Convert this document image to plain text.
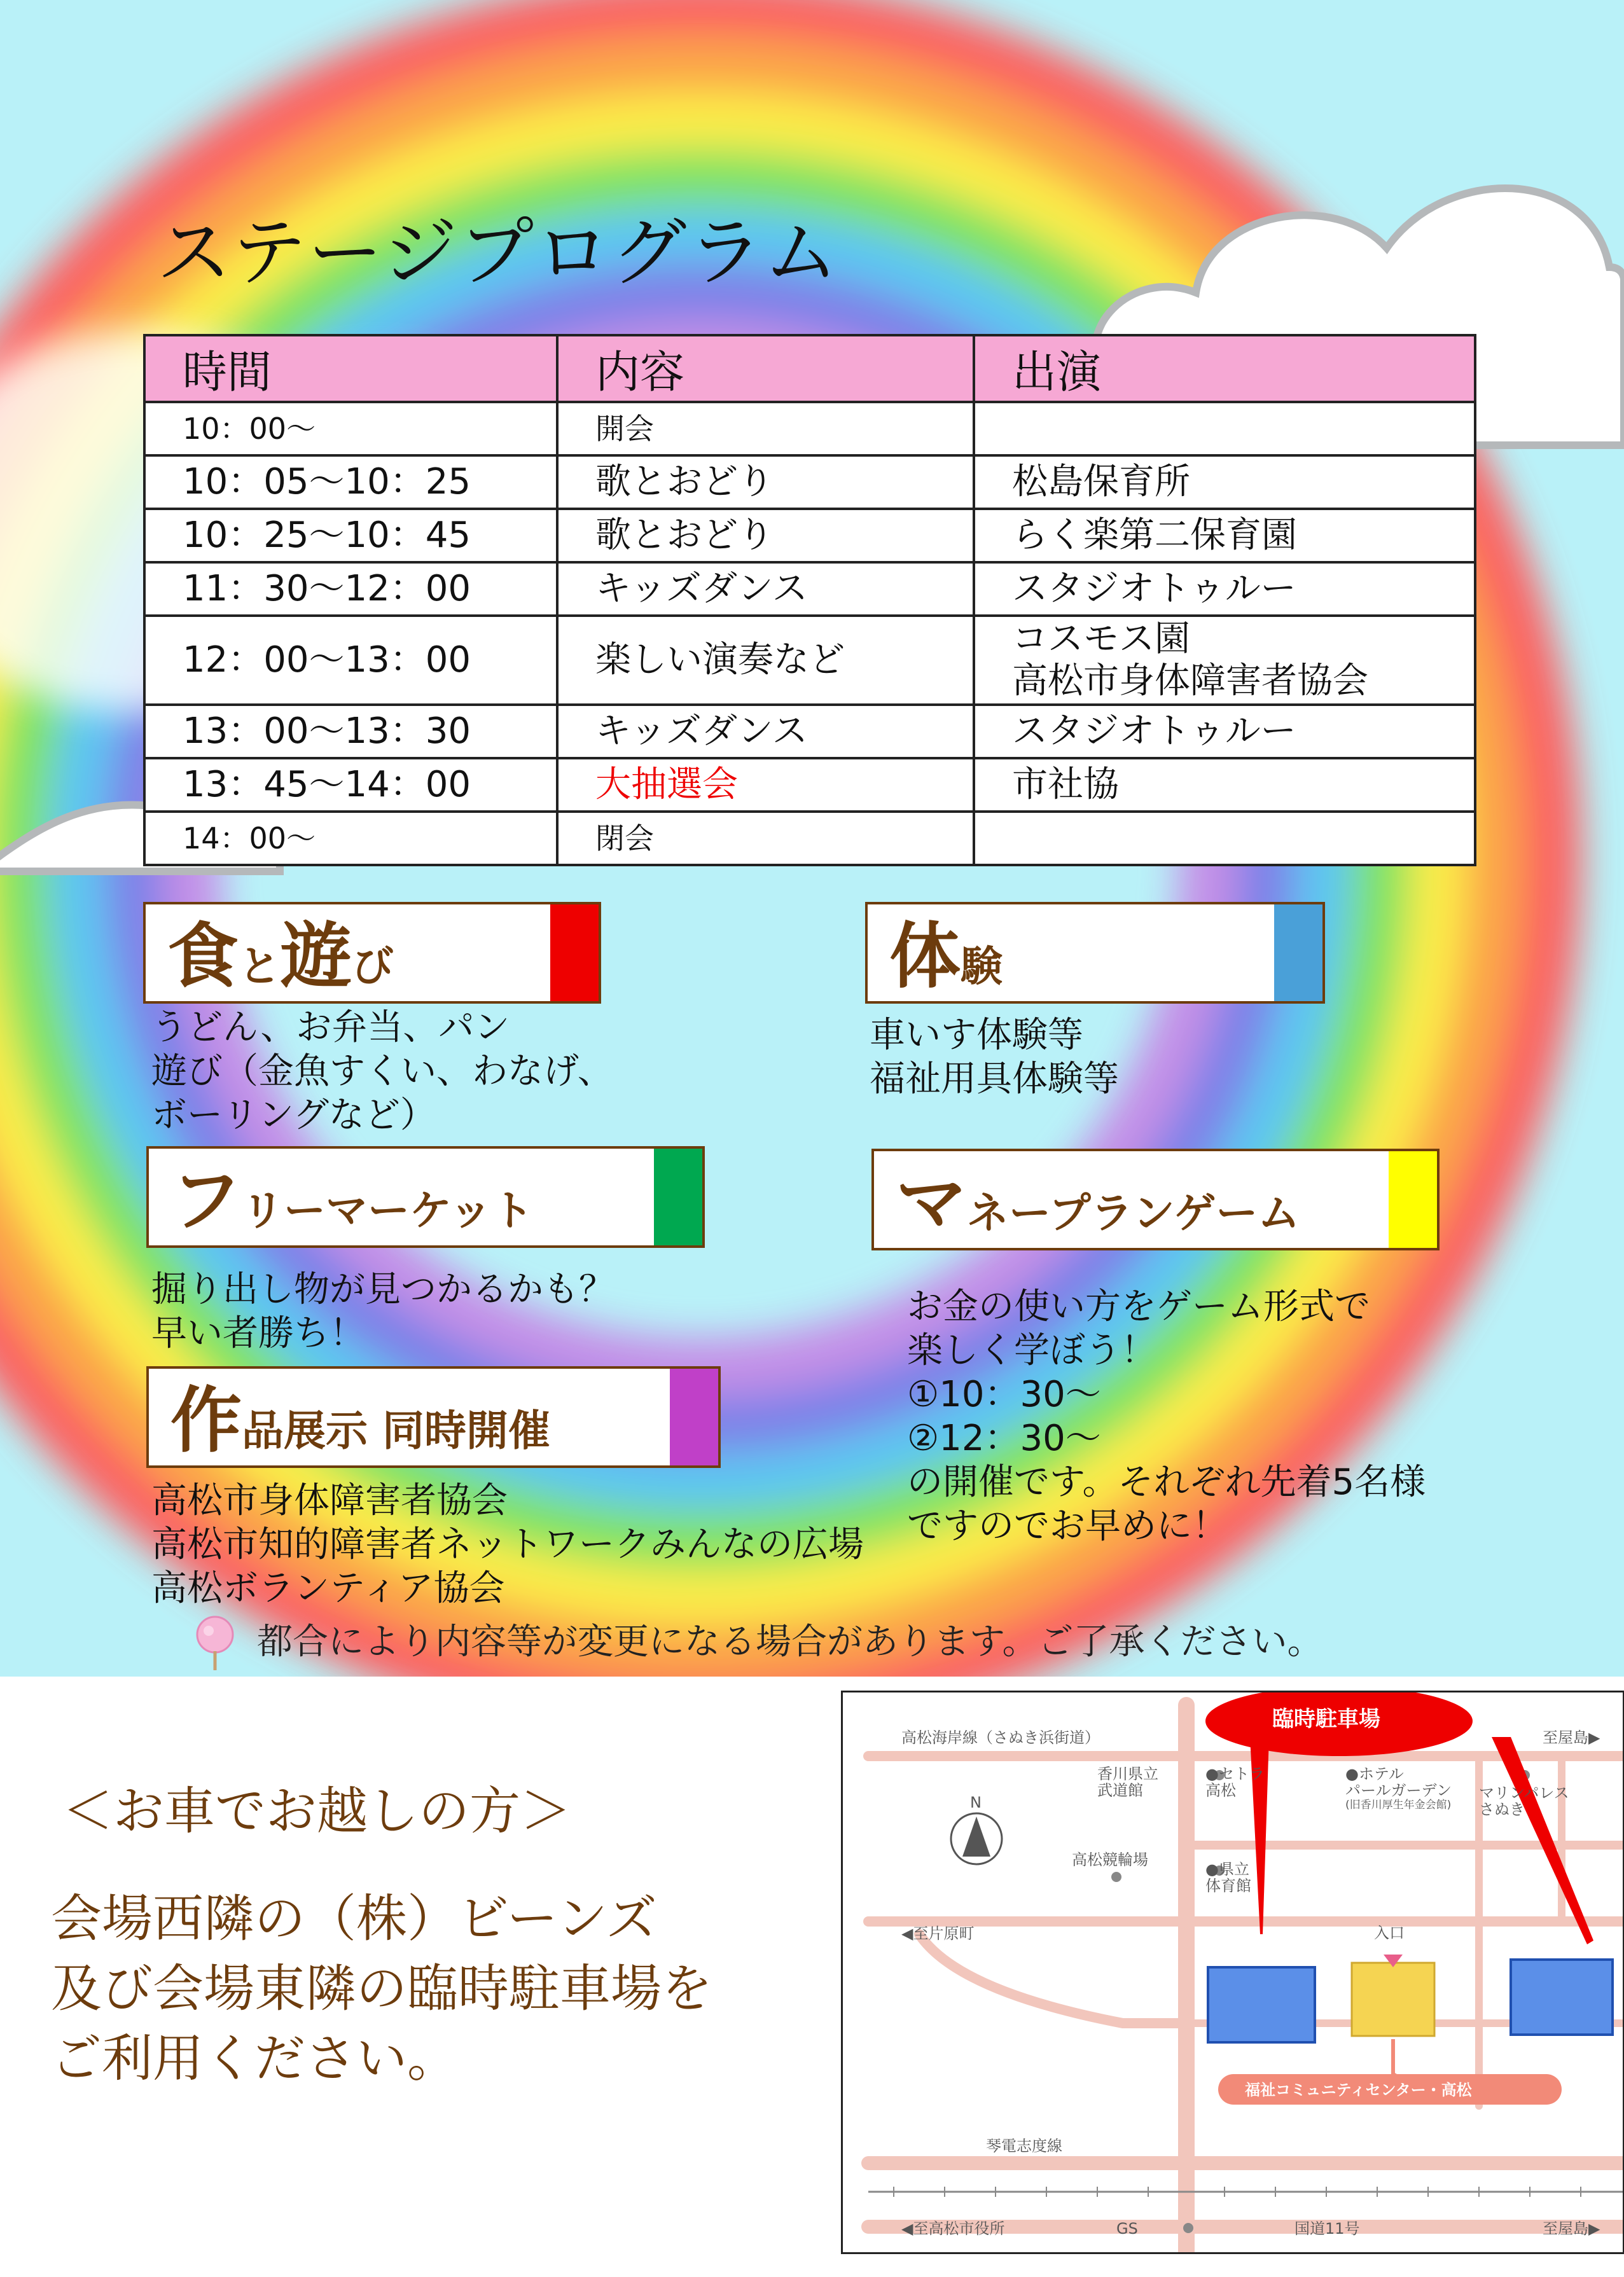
ステージプログラム
時間	内容	出演
10：00～	開会	
10：05～10：25	歌とおどり	松島保育所
10：25～10：45	歌とおどり	らく楽第二保育園
11：30～12：00	キッズダンス	スタジオトゥルー
12：00～13：00	楽しい演奏など	コスモス園
高松市身体障害者協会

13：00～13：30	キッズダンス	スタジオトゥルー
13：45～14：00	大抽選会	市社協
14：00～	閉会	
食と遊び
うどん、お弁当、パン
遊び（金魚すくい、わなげ、
ボーリングなど）
体験
車いす体験等
福祉用具体験等
フリーマーケット
掘り出し物が見つかるかも？
早い者勝ち！
マネープランゲーム
お金の使い方をゲーム形式で
楽しく学ぼう！
①10：30～
②12：30～
の開催です。それぞれ先着5名様
ですのでお早めに！
作品展示 同時開催
高松市身体障害者協会
高松市知的障害者ネットワークみんなの広場
高松ボランティア協会
都合により内容等が変更になる場合があります。ご了承ください。
＜お車でお越しの方＞
会場西隣の（株）ビーンズ
及び会場東隣の臨時駐車場を
ご利用ください。
臨時駐車場
高松海岸線（さぬき浜街道）	至屋島▶
香川県立
武道館
●セトラ
高松
●ホテル
パールガーデン
(旧香川厚生年金会館)
マリンパレス
さぬき
N
高松競輪場
●県立
体育館
◀至片原町	入口
福祉コミュニティセンター・高松
琴電志度線
◀至高松市役所	GS	国道11号	至屋島▶
